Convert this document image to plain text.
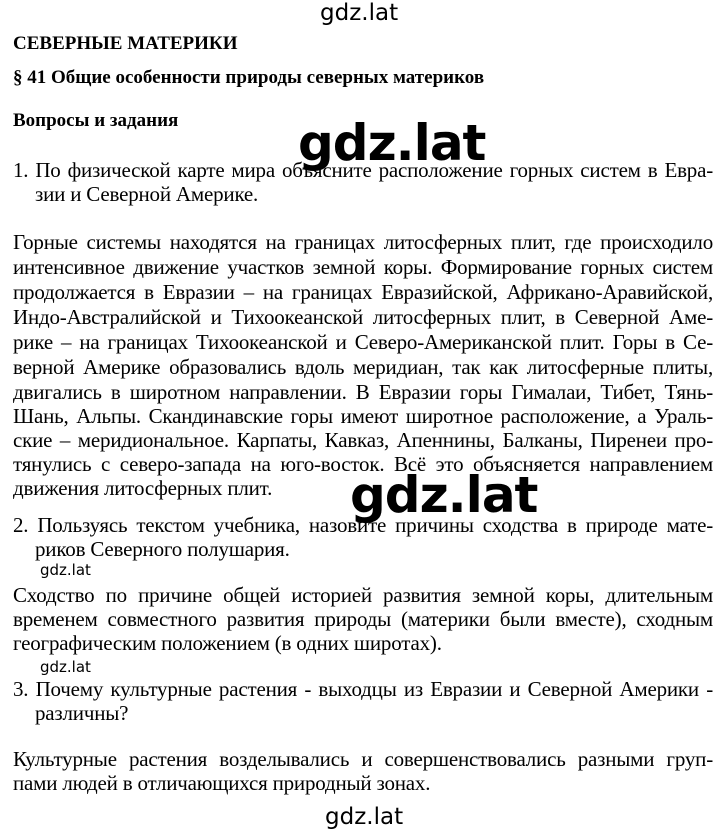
gdz.lat
СЕВЕРНЫЕ МАТЕРИКИ
§ 41 Общие особенности природы северных материков
Вопросы и задания
1. По физической карте мира объясните расположение горных систем в Евра-
зии и Северной Америке.
Горные системы находятся на границах литосферных плит, где происходило
интенсивное движение участков земной коры. Формирование горных систем
продолжается в Евразии – на границах Евразийской, Африкано-Аравийской,
Индо-Австралийской и Тихоокеанской литосферных плит, в Северной Аме-
рике – на границах Тихоокеанской и Северо-Американской плит. Горы в Се-
верной Америке образовались вдоль меридиан, так как литосферные плиты,
двигались в широтном направлении. В Евразии горы Гималаи, Тибет, Тянь-
Шань, Альпы. Скандинавские горы имеют широтное расположение, а Ураль-
ские – меридиональное. Карпаты, Кавказ, Апеннины, Балканы, Пиренеи про-
тянулись с северо-запада на юго-восток. Всё это объясняется направлением
движения литосферных плит.
gdz.lat
gdz.lat
2. Пользуясь текстом учебника, назовите причины сходства в природе мате-
риков Северного полушария.
gdz.lat
Сходство по причине общей историей развития земной коры, длительным
временем совместного развития природы (материки были вместе), сходным
географическим положением (в одних широтах).
gdz.lat
3. Почему культурные растения - выходцы из Евразии и Северной Америки -
различны?
Культурные растения возделывались и совершенствовались разными груп-
пами людей в отличающихся природный зонах.
gdz.lat
